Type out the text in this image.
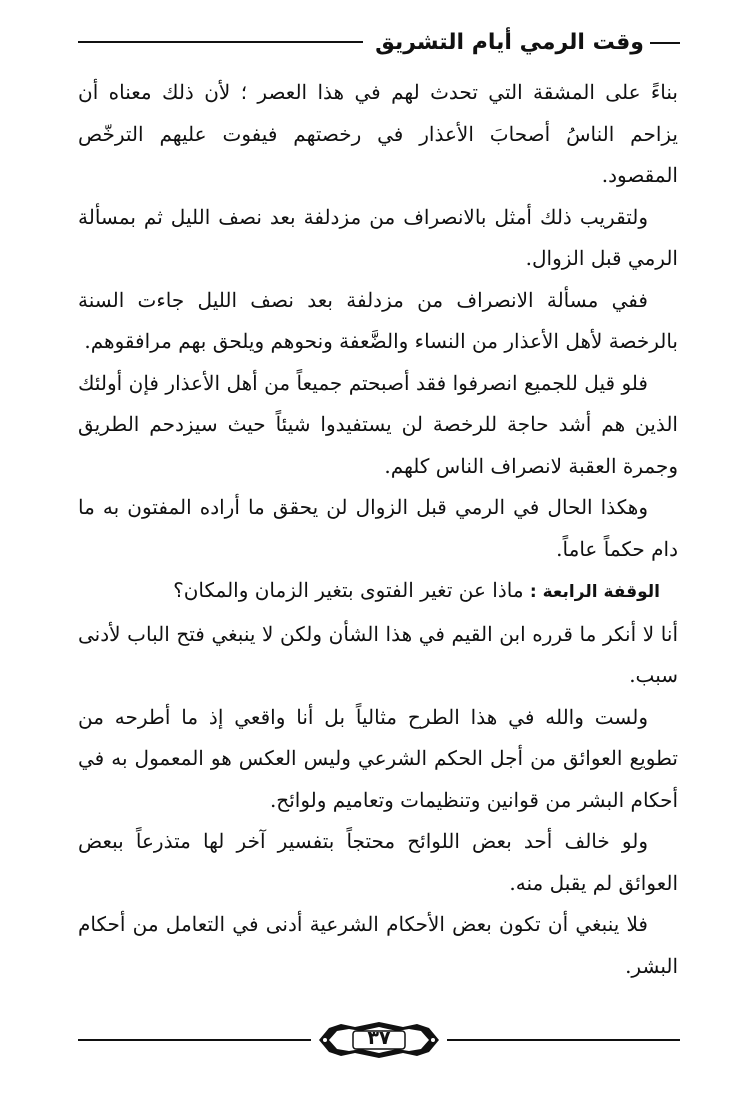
وقت الرمي أيام التشريق

بناءً على المشقة التي تحدث لهم في هذا العصر ؛ لأن ذلك معناه أن يزاحم الناسُ أصحابَ الأعذار في رخصتهم فيفوت عليهم الترخّص المقصود.

ولتقريب ذلك أمثل بالانصراف من مزدلفة بعد نصف الليل ثم بمسألة الرمي قبل الزوال.

ففي مسألة الانصراف من مزدلفة بعد نصف الليل جاءت السنة بالرخصة لأهل الأعذار من النساء والضَّعفة ونحوهم ويلحق بهم مرافقوهم.

فلو قيل للجميع انصرفوا فقد أصبحتم جميعاً من أهل الأعذار فإن أولئك الذين هم أشد حاجة للرخصة لن يستفيدوا شيئاً حيث سيزدحم الطريق وجمرة العقبة لانصراف الناس كلهم.

وهكذا الحال في الرمي قبل الزوال لن يحقق ما أراده المفتون به ما دام حكماً عاماً.

الوقفة الرابعة : ماذا عن تغير الفتوى بتغير الزمان والمكان؟

أنا لا أنكر ما قرره ابن القيم في هذا الشأن ولكن لا ينبغي فتح الباب لأدنى سبب.

ولست والله في هذا الطرح مثالياً بل أنا واقعي إذ ما أطرحه من تطويع العوائق من أجل الحكم الشرعي وليس العكس هو المعمول به في أحكام البشر من قوانين وتنظيمات وتعاميم ولوائح.

ولو خالف أحد بعض اللوائح محتجاً بتفسير آخر لها متذرعاً ببعض العوائق لم يقبل منه.

فلا ينبغي أن تكون بعض الأحكام الشرعية أدنى في التعامل من أحكام البشر.

٣٧
